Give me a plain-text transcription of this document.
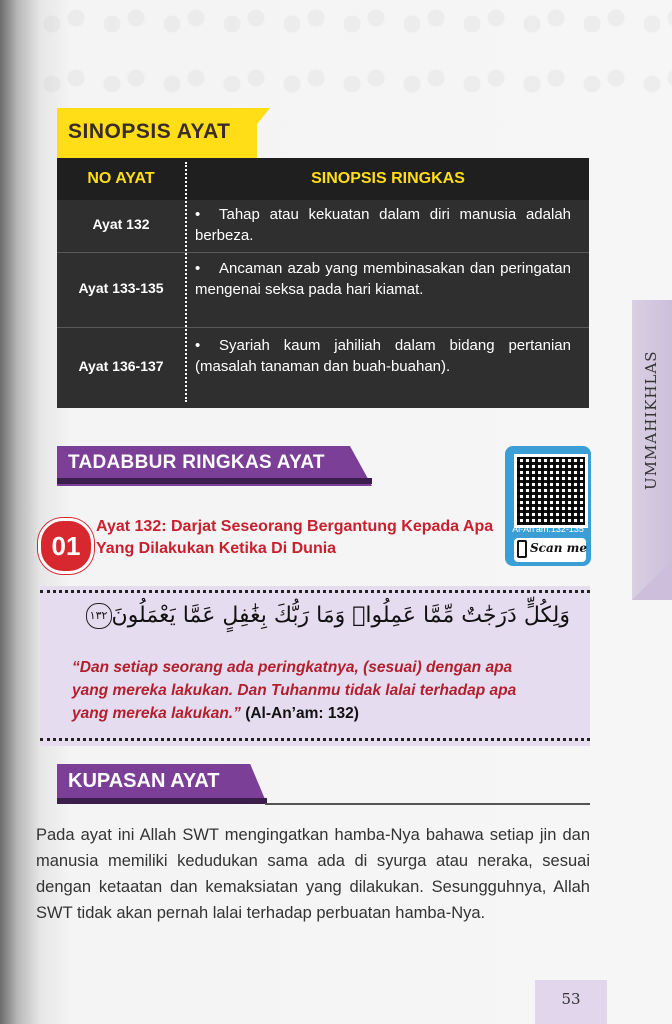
UMMAHIKHLAS
SINOPSIS AYAT
NO AYAT	SINOPSIS RINGKAS
Ayat 132
• Tahap atau kekuatan dalam diri manusia adalah berbeza.
Ayat 133-135
• Ancaman azab yang membinasakan dan peringatan mengenai seksa pada hari kiamat.
Ayat 136-137
• Syariah kaum jahiliah dalam bidang pertanian (masalah tanaman dan buah-buahan).
TADABBUR RINGKAS AYAT
Al-An'am:132-135
Scan me
01
Ayat 132: Darjat Seseorang Bergantung Kepada Apa Yang Dilakukan Ketika Di Dunia
وَلِكُلٍّ دَرَجَٰتٌ مِّمَّا عَمِلُوا۟ وَمَا رَبُّكَ بِغَٰفِلٍ عَمَّا يَعْمَلُونَ١٣٢
“Dan setiap seorang ada peringkatnya, (sesuai) dengan apa yang mereka lakukan. Dan Tuhanmu tidak lalai terhadap apa yang mereka lakukan.” (Al-An’am: 132)
KUPASAN AYAT
Pada ayat ini Allah SWT mengingatkan hamba-Nya bahawa setiap jin dan manusia memiliki kedudukan sama ada di syurga atau neraka, sesuai dengan ketaatan dan kemaksiatan yang dilakukan. Sesungguhnya, Allah SWT tidak akan pernah lalai terhadap perbuatan hamba-Nya.
53
